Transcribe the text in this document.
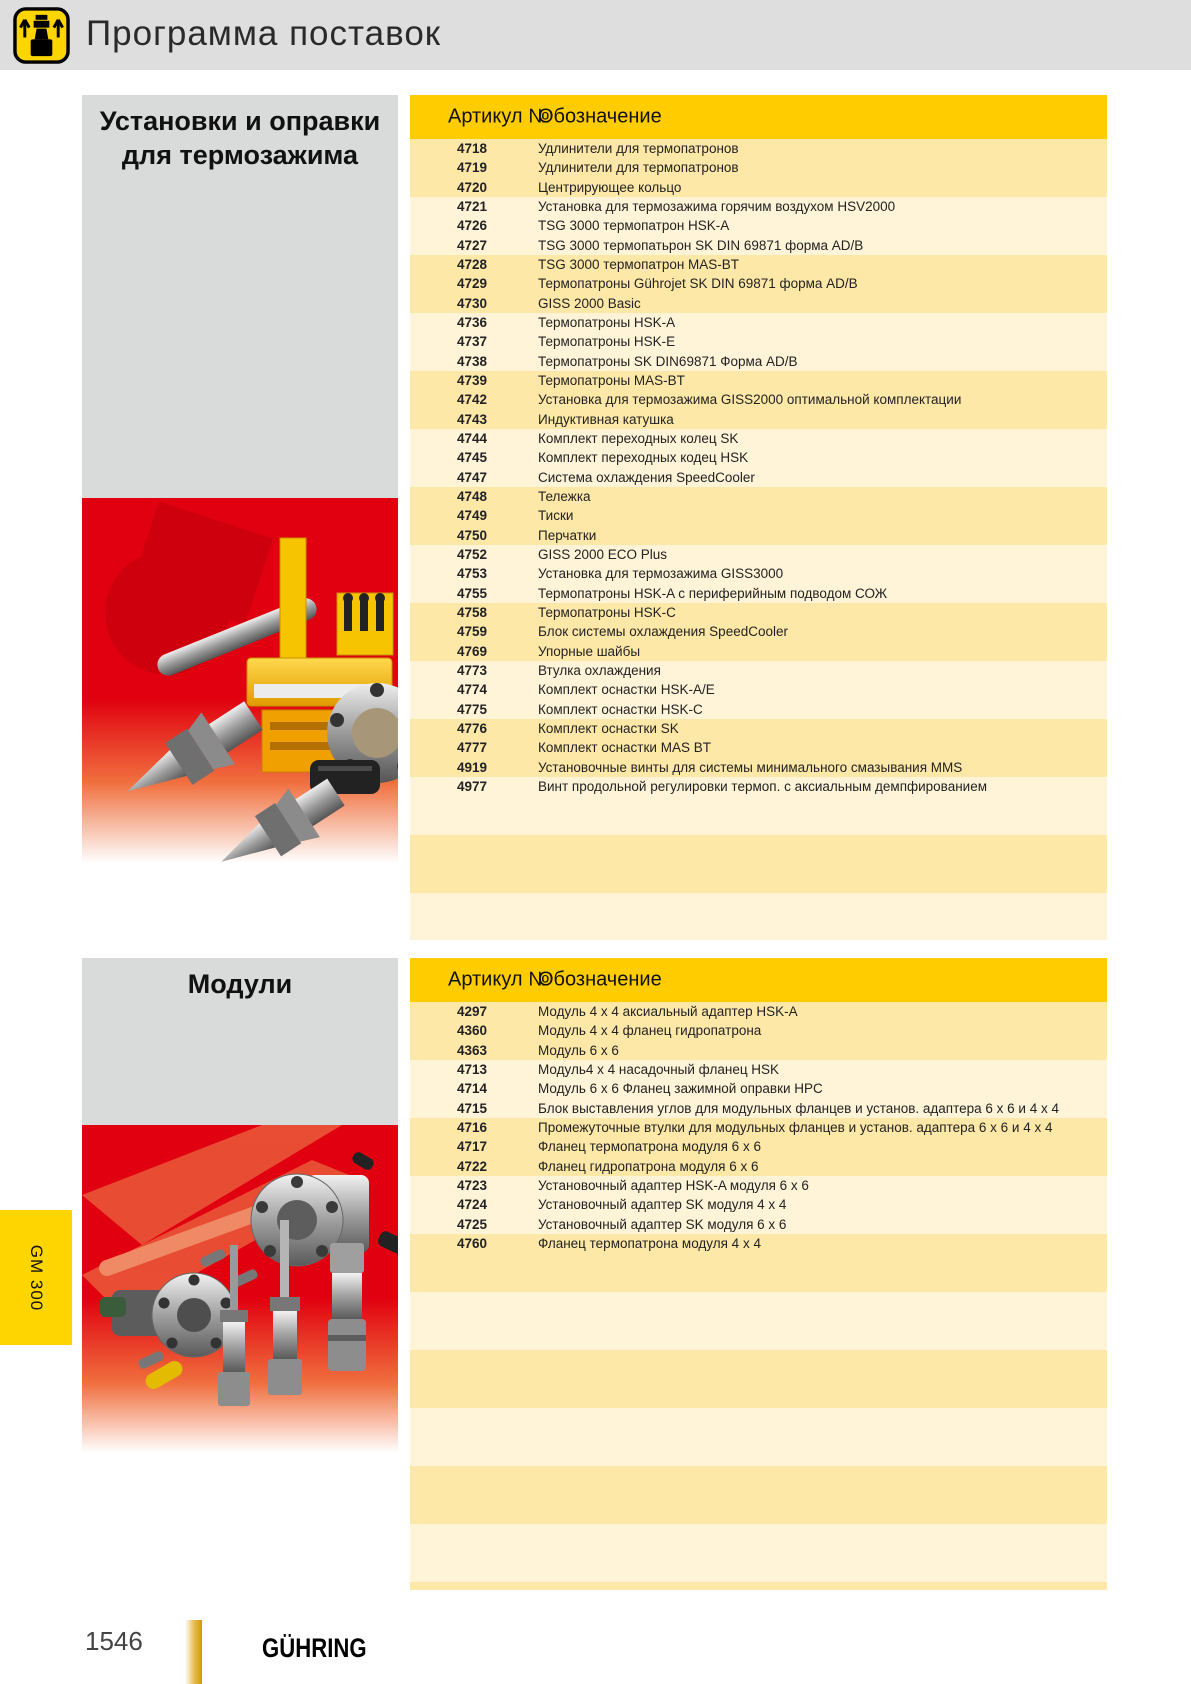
Программа поставок
Установки и оправки для термозажима
Артикул №
Обозначение
4718	Удлинители для термопатронов
4719	Удлинители для термопатронов
4720	Центрирующее кольцо
4721	Установка для термозажима горячим воздухом HSV2000
4726	TSG 3000 термопатрон HSK-A
4727	TSG 3000 термопатьрон SK DIN 69871 форма AD/B
4728	TSG 3000 термопатрон MAS-BT
4729	Термопатроны Gührojet SK DIN 69871 форма AD/B
4730	GISS 2000 Basic
4736	Термопатроны HSK-A
4737	Термопатроны HSK-E
4738	Термопатроны SK DIN69871 Форма AD/B
4739	Термопатроны MAS-BT
4742	Установка для термозажима GISS2000 оптимальной комплектации
4743	Индуктивная катушка
4744	Комплект переходных колец SK
4745	Комплект переходных кодец HSK
4747	Система охлаждения SpeedCooler
4748	Тележка
4749	Тиски
4750	Перчатки
4752	GISS 2000 ECO Plus
4753	Установка для термозажима GISS3000
4755	Термопатроны HSK-A с периферийным подводом СОЖ
4758	Термопатроны HSK-C
4759	Блок системы охлаждения SpeedCooler
4769	Упорные шайбы
4773	Втулка охлаждения
4774	Комплект оснастки HSK-A/E
4775	Комплект оснастки HSK-C
4776	Комплект оснастки SK
4777	Комплект оснастки MAS BT
4919	Установочные винты для системы минимального смазывания MMS
4977	Винт продольной регулировки термоп. с аксиальным демпфированием
Модули	Артикул №
Обозначение
4297	Модуль 4 x 4 аксиальный адаптер HSK-A
4360	Модуль 4 x 4 фланец гидропатрона
4363	Модуль 6 x 6
4713	Модуль4 x 4 насадочный фланец HSK
4714	Модуль 6 x 6 Фланец зажимной оправки HPC
4715	Блок выставления углов для модульных фланцев и установ. адаптера 6 x 6 и 4 x 4
4716	Промежуточные втулки для модульных фланцев и установ. адаптера 6 x 6 и 4 x 4
4717	Фланец термопатрона модуля 6 x 6
4722	Фланец гидропатрона модуля 6 x 6
4723	Установочный адаптер HSK-A модуля 6 x 6
4724	Установочный адаптер SK модуля 4 x 4
4725	Установочный адаптер SK модуля 6 x 6
4760	Фланец термопатрона модуля 4 x 4
GM 300
1546	GÜHRING
